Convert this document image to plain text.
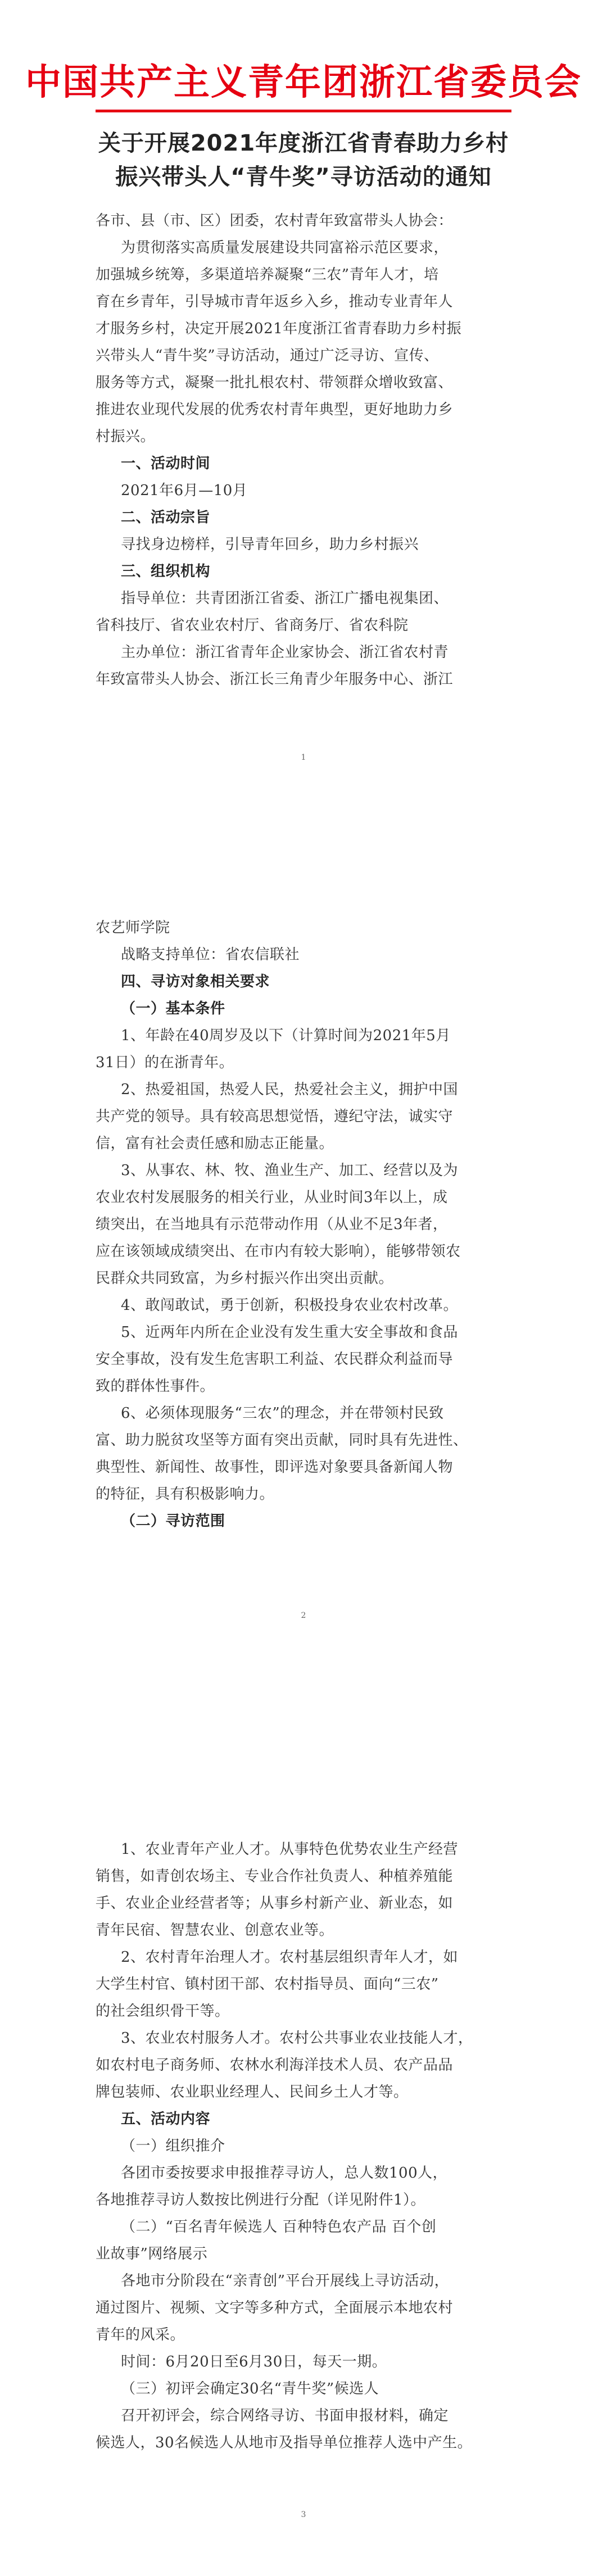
中国共产主义青年团浙江省委员会
关于开展2021年度浙江省青春助力乡村
振兴带头人“青牛奖”寻访活动的通知
各市、县（市、区）团委，农村青年致富带头人协会：
为贯彻落实高质量发展建设共同富裕示范区要求，
加强城乡统筹，多渠道培养凝聚“三农”青年人才，培
育在乡青年，引导城市青年返乡入乡，推动专业青年人
才服务乡村，决定开展2021年度浙江省青春助力乡村振
兴带头人“青牛奖”寻访活动，通过广泛寻访、宣传、
服务等方式，凝聚一批扎根农村、带领群众增收致富、
推进农业现代发展的优秀农村青年典型，更好地助力乡
村振兴。
一、活动时间
2021年6月—10月
二、活动宗旨
寻找身边榜样，引导青年回乡，助力乡村振兴
三、组织机构
指导单位：共青团浙江省委、浙江广播电视集团、
省科技厅、省农业农村厅、省商务厅、省农科院
主办单位：浙江省青年企业家协会、浙江省农村青
年致富带头人协会、浙江长三角青少年服务中心、浙江
1
农艺师学院
战略支持单位：省农信联社
四、寻访对象相关要求
（一）基本条件
1、年龄在40周岁及以下（计算时间为2021年5月
31日）的在浙青年。
2、热爱祖国，热爱人民，热爱社会主义，拥护中国
共产党的领导。具有较高思想觉悟，遵纪守法，诚实守
信，富有社会责任感和励志正能量。
3、从事农、林、牧、渔业生产、加工、经营以及为
农业农村发展服务的相关行业，从业时间3年以上，成
绩突出，在当地具有示范带动作用（从业不足3年者，
应在该领域成绩突出、在市内有较大影响），能够带领农
民群众共同致富，为乡村振兴作出突出贡献。
4、敢闯敢试，勇于创新，积极投身农业农村改革。
5、近两年内所在企业没有发生重大安全事故和食品
安全事故，没有发生危害职工利益、农民群众利益而导
致的群体性事件。
6、必须体现服务“三农”的理念，并在带领村民致
富、助力脱贫攻坚等方面有突出贡献，同时具有先进性、
典型性、新闻性、故事性，即评选对象要具备新闻人物
的特征，具有积极影响力。
（二）寻访范围
2
1、农业青年产业人才。从事特色优势农业生产经营
销售，如青创农场主、专业合作社负责人、种植养殖能
手、农业企业经营者等；从事乡村新产业、新业态，如
青年民宿、智慧农业、创意农业等。
2、农村青年治理人才。农村基层组织青年人才，如
大学生村官、镇村团干部、农村指导员、面向“三农”
的社会组织骨干等。
3、农业农村服务人才。农村公共事业农业技能人才，
如农村电子商务师、农林水利海洋技术人员、农产品品
牌包装师、农业职业经理人、民间乡土人才等。
五、活动内容
（一）组织推介
各团市委按要求申报推荐寻访人，总人数100人，
各地推荐寻访人数按比例进行分配（详见附件1）。
（二）“百名青年候选人 百种特色农产品 百个创
业故事”网络展示
各地市分阶段在“亲青创”平台开展线上寻访活动，
通过图片、视频、文字等多种方式，全面展示本地农村
青年的风采。
时间：6月20日至6月30日，每天一期。
（三）初评会确定30名“青牛奖”候选人
召开初评会，综合网络寻访、书面申报材料，确定
候选人，30名候选人从地市及指导单位推荐人选中产生。
3
